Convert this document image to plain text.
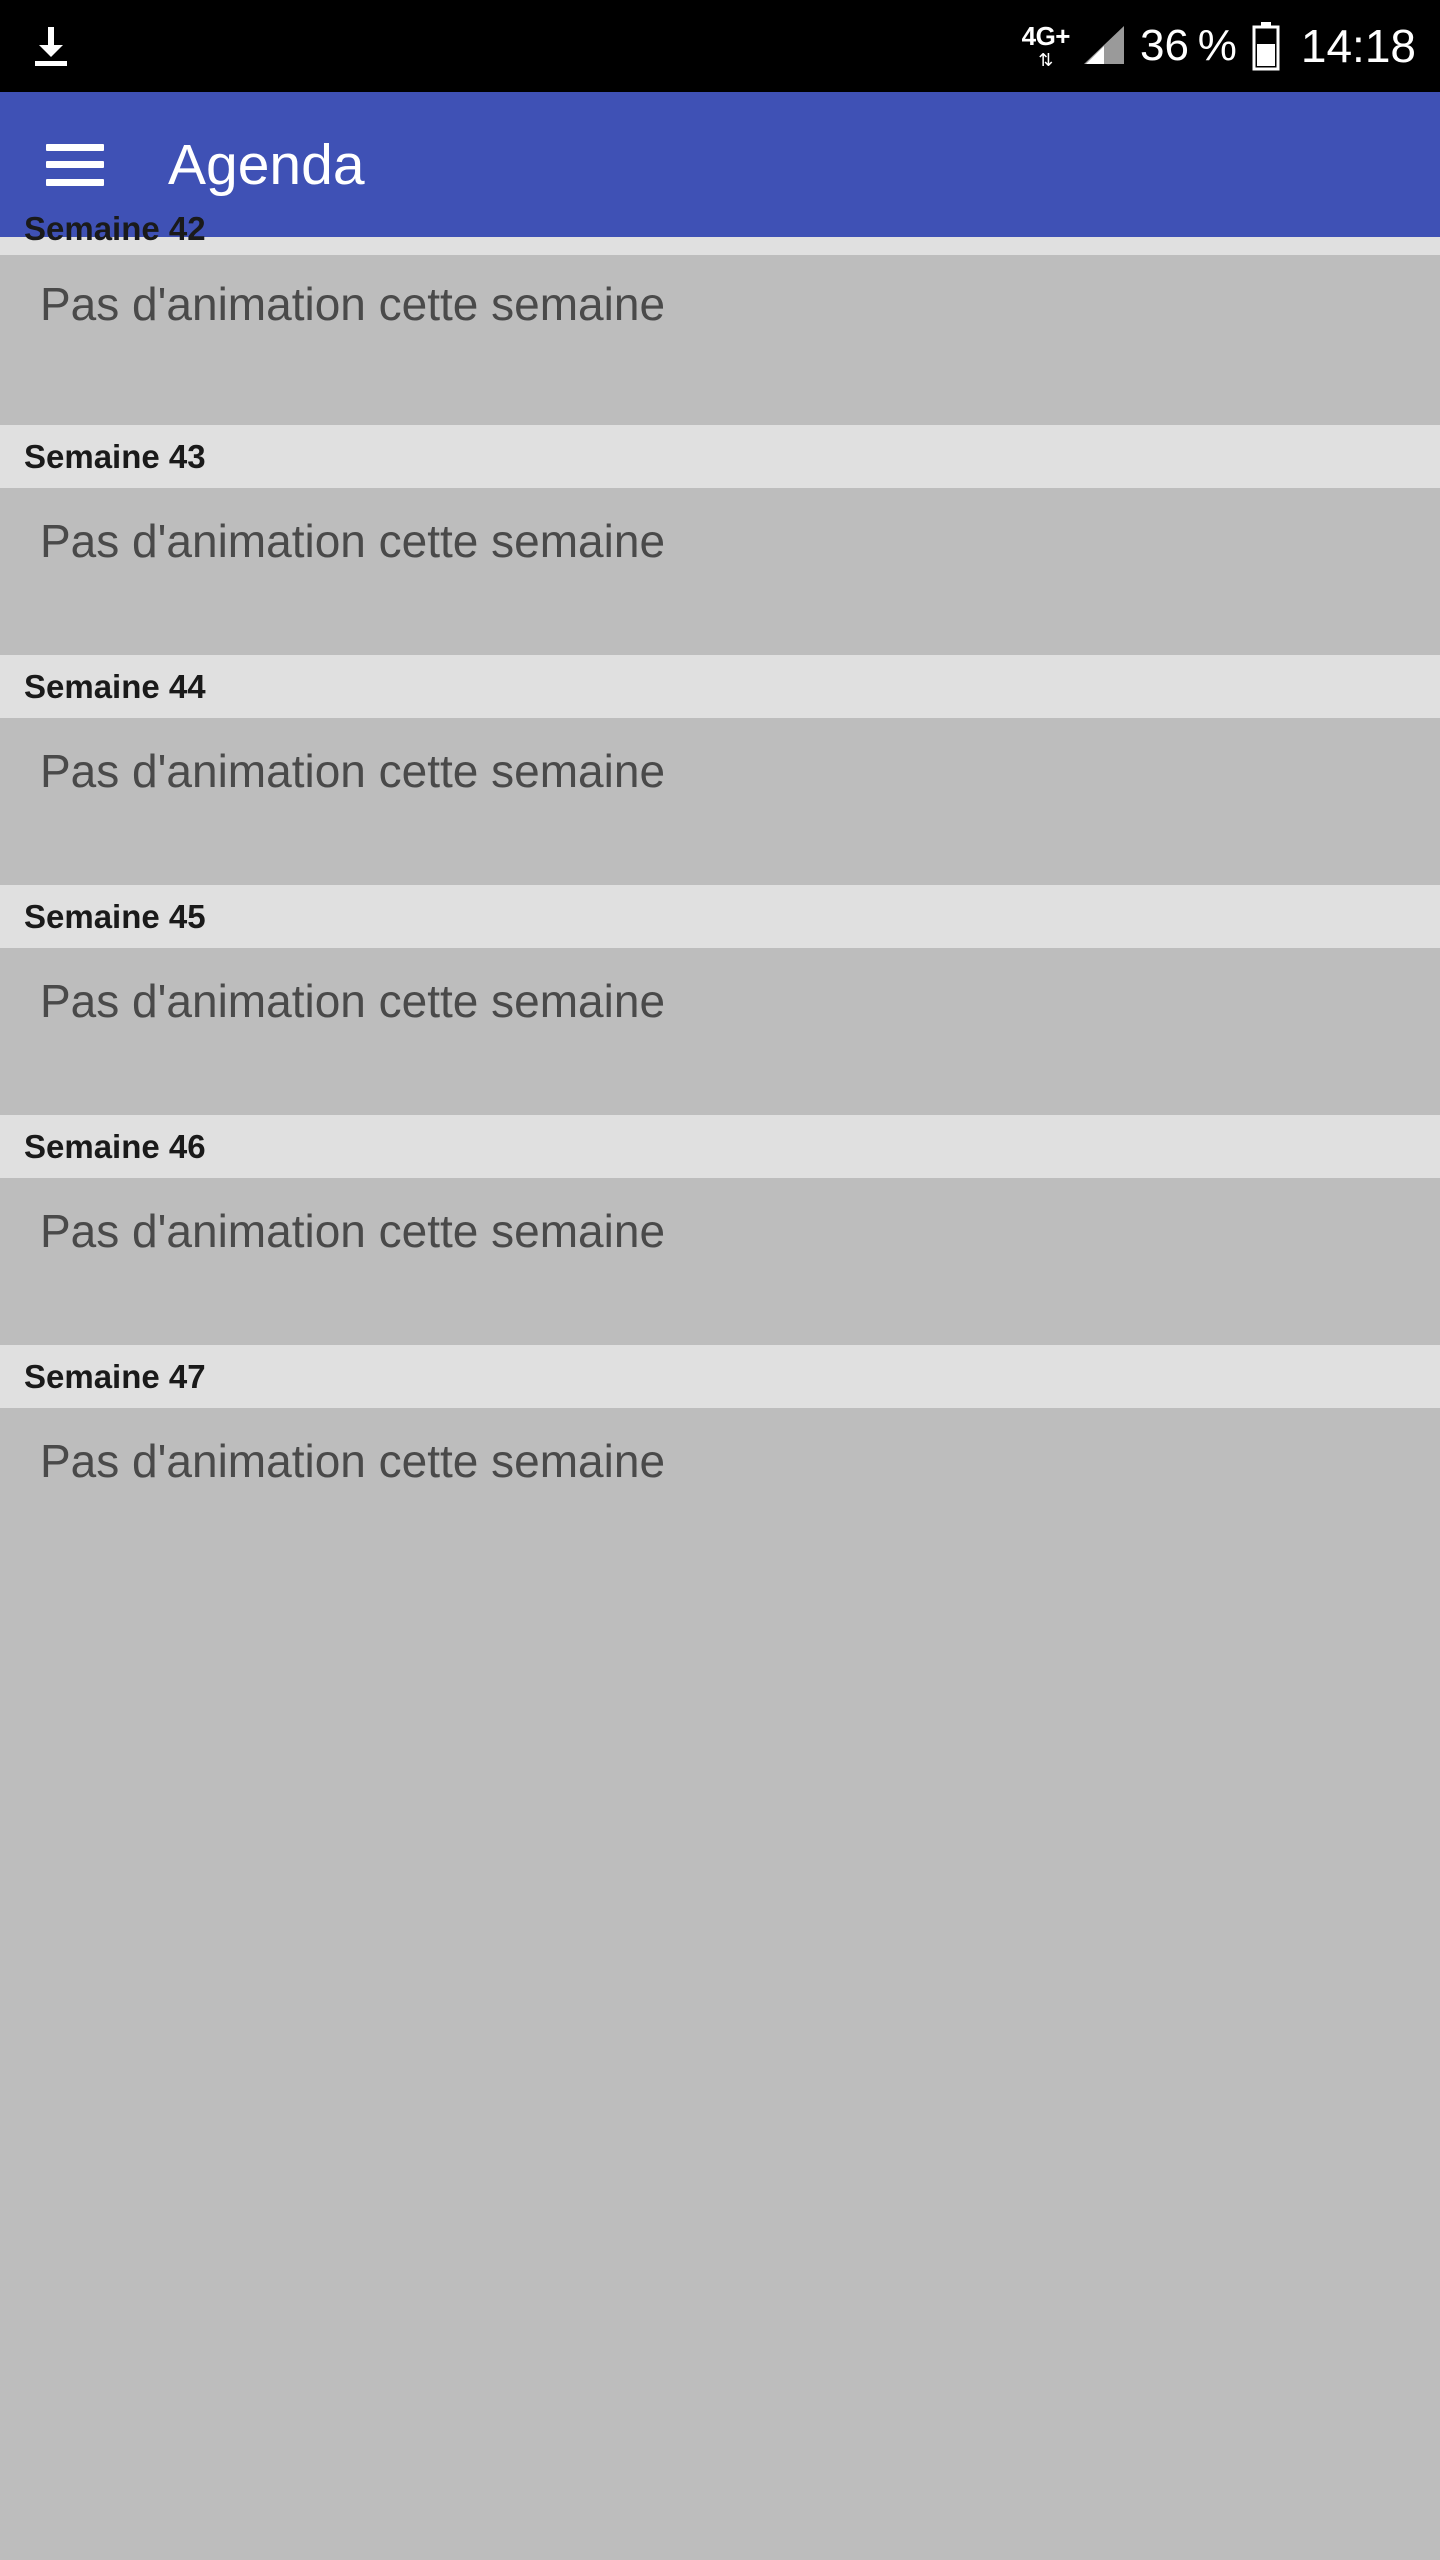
4G+
⇅ 36 % 14:18
Agenda
Semaine 42
Pas d'animation cette semaine
Semaine 43
Pas d'animation cette semaine
Semaine 44
Pas d'animation cette semaine
Semaine 45
Pas d'animation cette semaine
Semaine 46
Pas d'animation cette semaine
Semaine 47
Pas d'animation cette semaine
